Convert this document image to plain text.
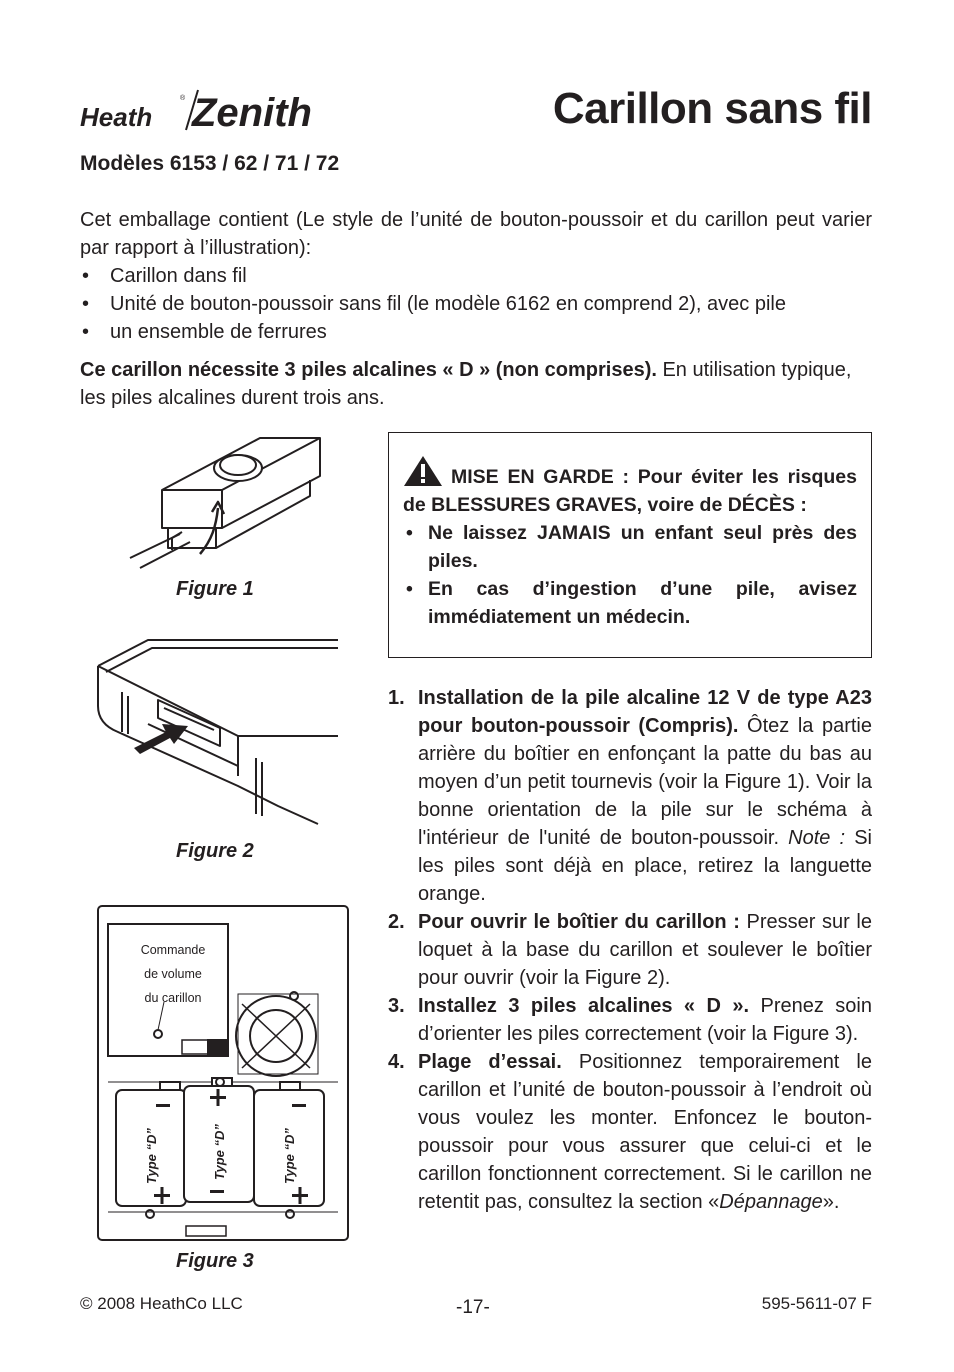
Heath
® Zenith	Carillon sans fil
Modèles 6153 / 62 / 71 / 72

Cet emballage contient (Le style de l’unité de bouton-poussoir et du carillon peut varier par rapport à l’illustration):

• Carillon dans fil
• Unité de bouton-poussoir sans fil (le modèle 6162 en comprend 2), avec pile
• un ensemble de ferrures
Ce carillon nécessite 3 piles alcalines « D » (non comprises). En utilisation typique, les piles alcalines durent trois ans.
Figure 1
Figure 2
Commande
de volume
du carillon
Type “D”	Type “D”	Type “D”
Figure 3
MISE EN GARDE : Pour éviter les risques de BLESSURES GRAVES, voire de DÉCÈS :
• Ne laissez JAMAIS un enfant seul près des piles.
• En cas d’ingestion d’une pile, avisez immédiatement un médecin.
1. Installation de la pile alcaline 12 V de type A23 pour bouton-poussoir (Compris). Ôtez la partie arrière du boîtier en enfonçant la patte du bas au moyen d’un petit tournevis (voir la Figure 1). Voir la bonne orientation de la pile sur le schéma à l'intérieur de l'unité de bouton-poussoir. Note : Si les piles sont déjà en place, retirez la languette orange.
2. Pour ouvrir le boîtier du carillon : Presser sur le loquet à la base du carillon et soulever le boîtier pour ouvrir (voir la Figure 2).
3. Installez 3 piles alcalines « D ». Prenez soin d’orienter les piles correctement (voir la Figure 3).
4. Plage d’essai. Positionnez temporairement le carillon et l’unité de bouton-poussoir à l’endroit où vous voulez les monter. Enfoncez le bouton-poussoir pour vous assurer que celui-ci et le carillon fonctionnent correctement. Si le carillon ne retentit pas, consultez la section «Dépannage».
© 2008 HeathCo LLC	-17-	595-5611-07 F
